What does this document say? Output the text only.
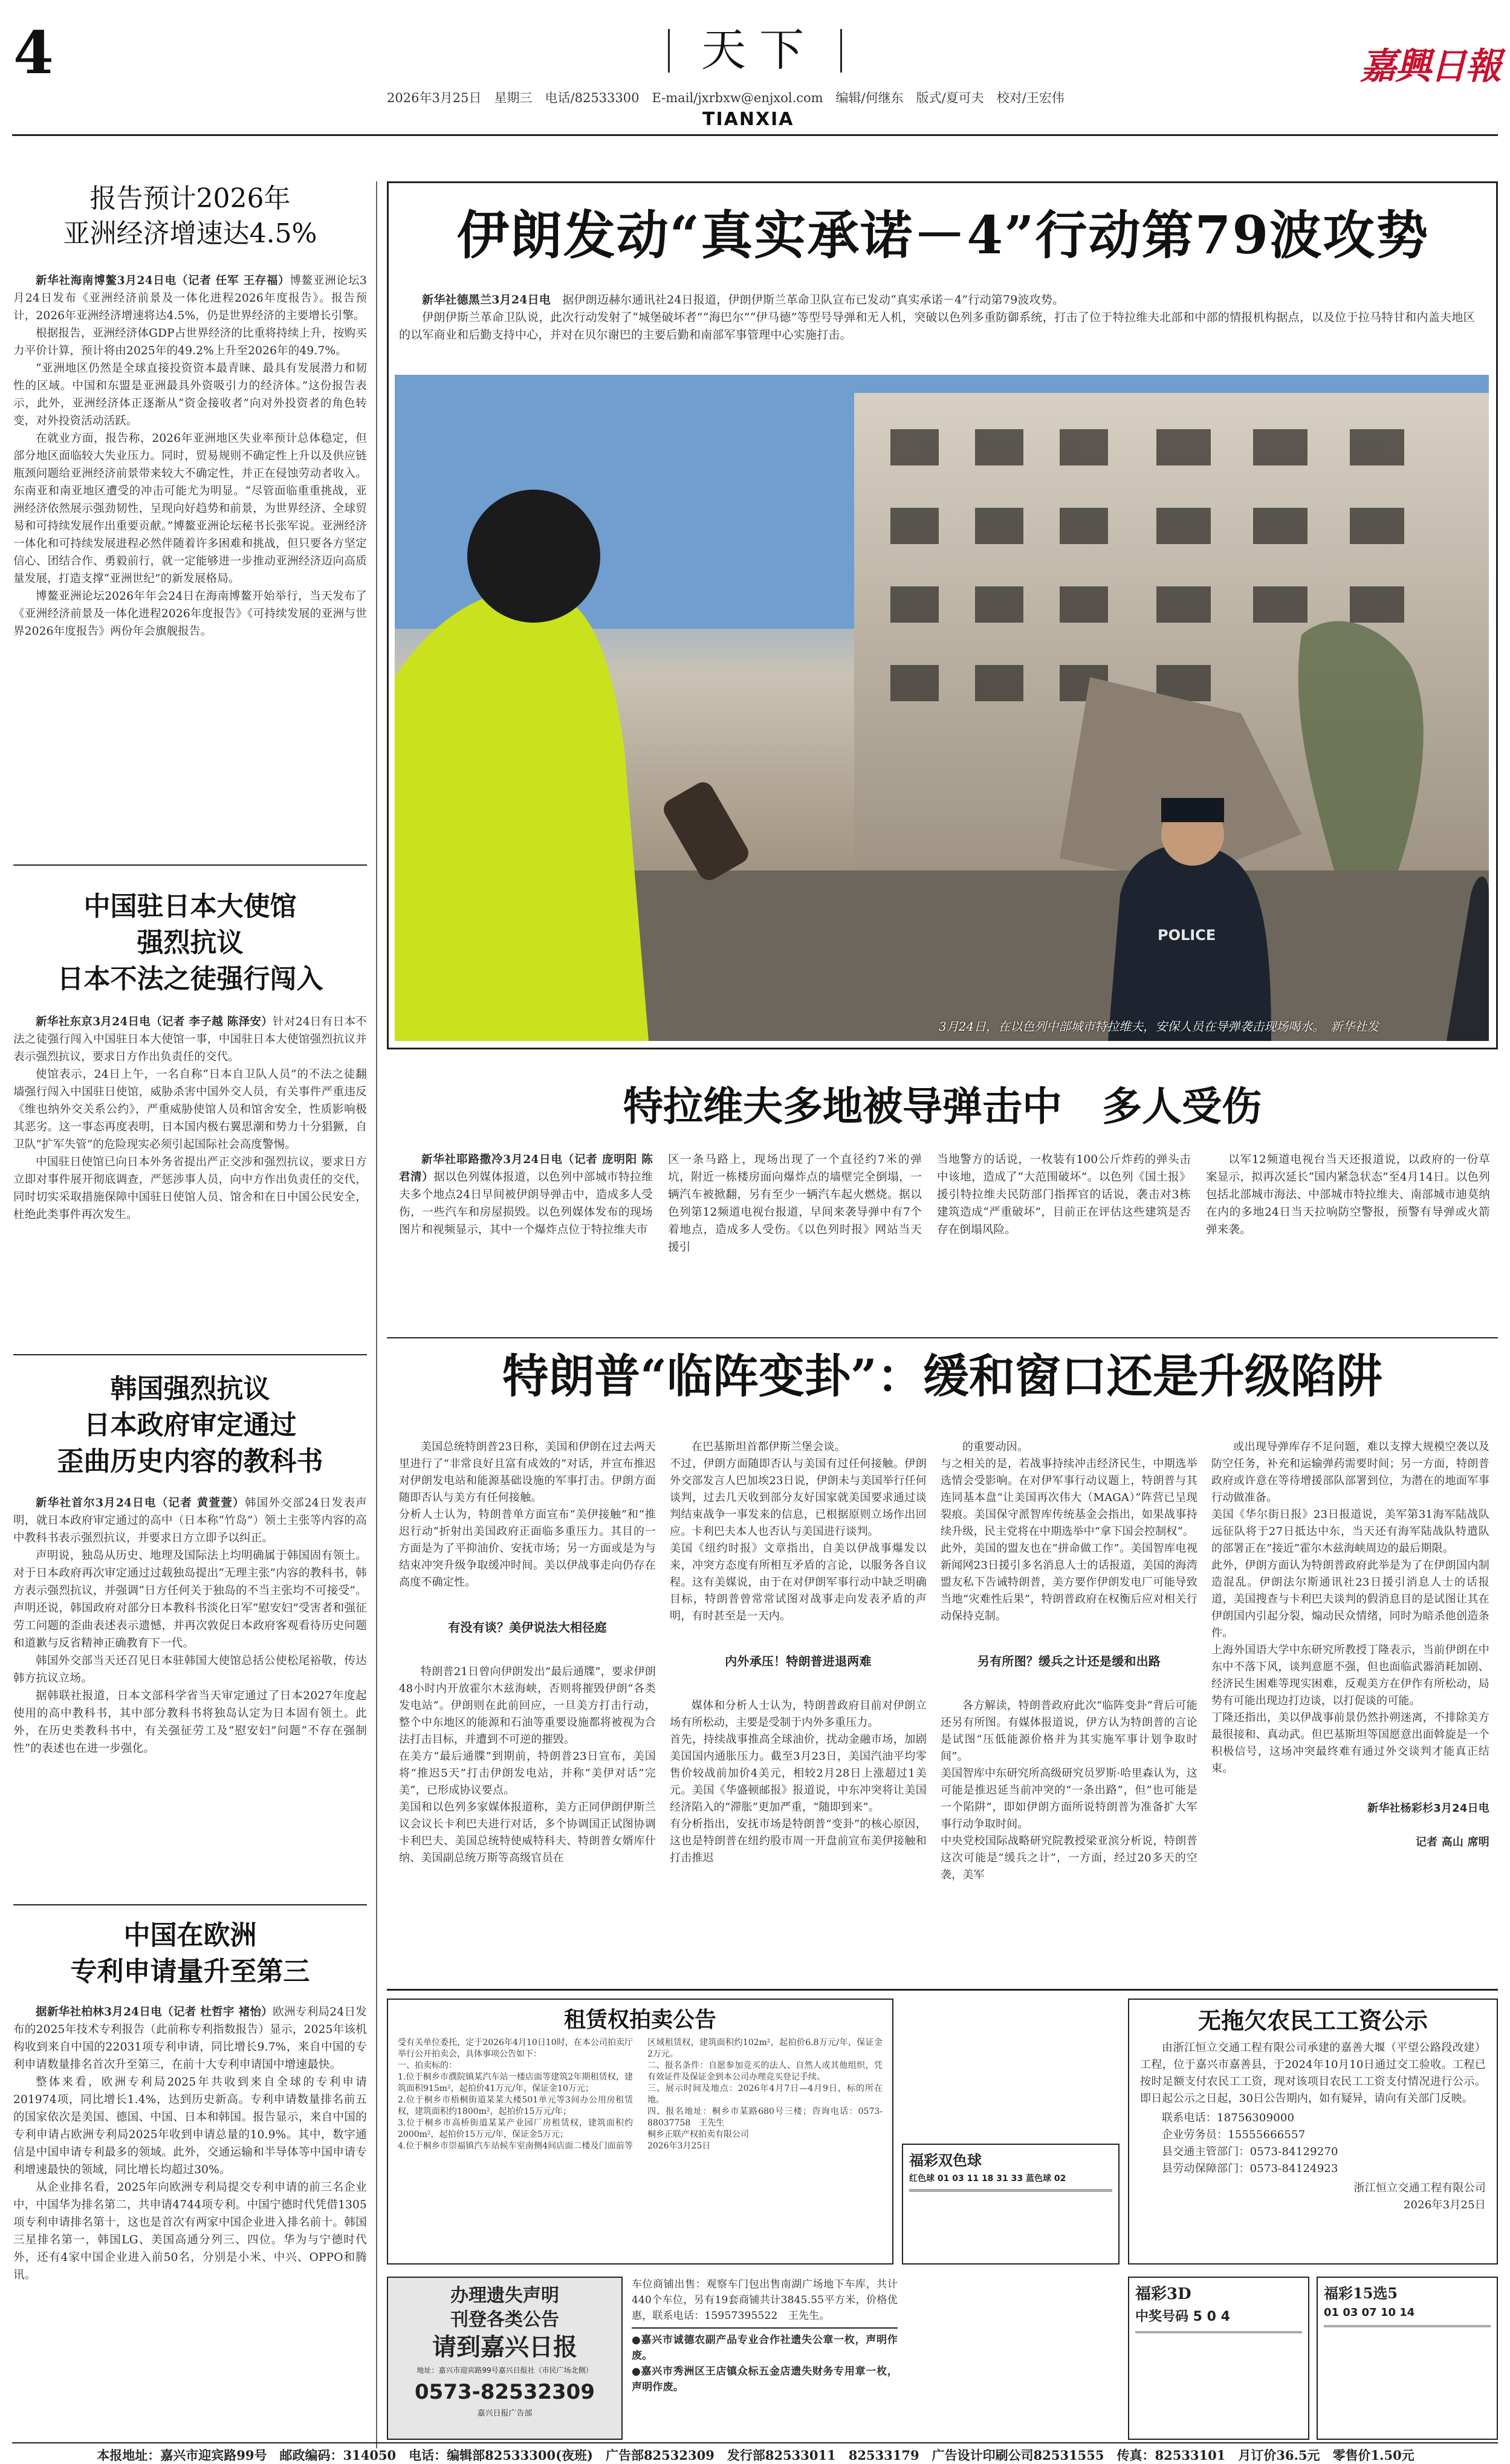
4	天下
2026年3月25日　星期三　电话/82533300　E-mail/jxrbxw@enjxol.com　编辑/何继东　版式/夏可夫　校对/王宏伟
TIANXIA
嘉興日報
报告预计2026年
亚洲经济增速达4.5%

新华社海南博鳌3月24日电（记者 任军 王存福）博鳌亚洲论坛3月24日发布《亚洲经济前景及一体化进程2026年度报告》。报告预计，2026年亚洲经济增速将达4.5%，仍是世界经济的主要增长引擎。

根据报告，亚洲经济体GDP占世界经济的比重将持续上升，按购买力平价计算，预计将由2025年的49.2%上升至2026年的49.7%。

“亚洲地区仍然是全球直接投资资本最青睐、最具有发展潜力和韧性的区域。中国和东盟是亚洲最具外资吸引力的经济体。”这份报告表示，此外，亚洲经济体正逐渐从“资金接收者”向对外投资者的角色转变，对外投资活动活跃。

在就业方面，报告称，2026年亚洲地区失业率预计总体稳定，但部分地区面临较大失业压力。同时，贸易规则不确定性上升以及供应链瓶颈问题给亚洲经济前景带来较大不确定性，并正在侵蚀劳动者收入。东南亚和南亚地区遭受的冲击可能尤为明显。“尽管面临重重挑战，亚洲经济依然展示强劲韧性，呈现向好趋势和前景，为世界经济、全球贸易和可持续发展作出重要贡献。”博鳌亚洲论坛秘书长张军说。亚洲经济一体化和可持续发展进程必然伴随着许多困难和挑战，但只要各方坚定信心、团结合作、勇毅前行，就一定能够进一步推动亚洲经济迈向高质量发展，打造支撑“亚洲世纪”的新发展格局。

博鳌亚洲论坛2026年年会24日在海南博鳌开始举行，当天发布了《亚洲经济前景及一体化进程2026年度报告》《可持续发展的亚洲与世界2026年度报告》两份年会旗舰报告。

中国驻日本大使馆
强烈抗议
日本不法之徒强行闯入

新华社东京3月24日电（记者 李子越 陈泽安）针对24日有日本不法之徒强行闯入中国驻日本大使馆一事，中国驻日本大使馆强烈抗议并表示强烈抗议，要求日方作出负责任的交代。

使馆表示，24日上午，一名自称“日本自卫队人员”的不法之徒翻墙强行闯入中国驻日使馆，威胁杀害中国外交人员，有关事件严重违反《维也纳外交关系公约》，严重威胁使馆人员和馆舍安全，性质影响极其恶劣。这一事态再度表明，日本国内极右翼思潮和势力十分猖獗，自卫队“扩军失管”的危险现实必须引起国际社会高度警惕。

中国驻日使馆已向日本外务省提出严正交涉和强烈抗议，要求日方立即对事件展开彻底调查，严惩涉事人员，向中方作出负责任的交代，同时切实采取措施保障中国驻日使馆人员、馆舍和在日中国公民安全，杜绝此类事件再次发生。

韩国强烈抗议
日本政府审定通过
歪曲历史内容的教科书

新华社首尔3月24日电（记者 黄萱萱）韩国外交部24日发表声明，就日本政府审定通过的高中（日本称“竹岛”）领土主张等内容的高中教科书表示强烈抗议，并要求日方立即予以纠正。

声明说，独岛从历史、地理及国际法上均明确属于韩国固有领土。对于日本政府再次审定通过过载独岛提出“无理主张”内容的教科书，韩方表示强烈抗议，并强调“日方任何关于独岛的不当主张均不可接受”。声明还说，韩国政府对部分日本教科书淡化日军“慰安妇”受害者和强征劳工问题的歪曲表述表示遗憾，并再次敦促日本政府客观看待历史问题和道歉与反省精神正确教育下一代。

韩国外交部当天还召见日本驻韩国大使馆总括公使松尾裕敬，传达韩方抗议立场。

据韩联社报道，日本文部科学省当天审定通过了日本2027年度起使用的高中教科书，其中部分教科书将独岛认定为日本固有领土。此外，在历史类教科书中，有关强征劳工及“慰安妇”问题“不存在强制性”的表述也在进一步强化。

中国在欧洲
专利申请量升至第三

据新华社柏林3月24日电（记者 杜哲宇 褚怡）欧洲专利局24日发布的2025年技术专利报告（此前称专利指数报告）显示，2025年该机构收到来自中国的22031项专利申请，同比增长9.7%，来自中国的专利申请数量排名首次升至第三，在前十大专利申请国中增速最快。

整体来看，欧洲专利局2025年共收到来自全球的专利申请201974项，同比增长1.4%，达到历史新高。专利申请数量排名前五的国家依次是美国、德国、中国、日本和韩国。报告显示，来自中国的专利申请占欧洲专利局2025年收到申请总量的10.9%。其中，数字通信是中国申请专利最多的领域。此外，交通运输和半导体等中国申请专利增速最快的领域，同比增长均超过30%。

从企业排名看，2025年向欧洲专利局提交专利申请的前三名企业中，中国华为排名第二，共申请4744项专利。中国宁德时代凭借1305项专利申请排名第十，这也是首次有两家中国企业进入排名前十。韩国三星排名第一，韩国LG、美国高通分列三、四位。华为与宁德时代外，还有4家中国企业进入前50名，分别是小米、中兴、OPPO和腾讯。

伊朗发动“真实承诺－4”行动第79波攻势

新华社德黑兰3月24日电　 据伊朗迈赫尔通讯社24日报道，伊朗伊斯兰革命卫队宣布已发动“真实承诺－4”行动第79波攻势。

伊朗伊斯兰革命卫队说，此次行动发射了“城堡破坏者”“海巴尔”“伊马德”等型号导弹和无人机，突破以色列多重防御系统，打击了位于特拉维夫北部和中部的情报机构据点，以及位于拉马特甘和内盖夫地区的以军商业和后勤支持中心，并对在贝尔谢巴的主要后勤和南部军事管理中心实施打击。

POLICE
3月24日，在以色列中部城市特拉维夫，安保人员在导弹袭击现场喝水。　新华社发
特拉维夫多地被导弹击中　多人受伤

新华社耶路撒冷3月24日电（记者 庞明阳 陈君清）据以色列媒体报道，以色列中部城市特拉维夫多个地点24日早间被伊朗导弹击中，造成多人受伤，一些汽车和房屋损毁。以色列媒体发布的现场图片和视频显示，其中一个爆炸点位于特拉维夫市

区一条马路上，现场出现了一个直径约7米的弹坑，附近一栋楼房面向爆炸点的墙壁完全倒塌，一辆汽车被掀翻，另有至少一辆汽车起火燃烧。据以色列第12频道电视台报道，早间来袭导弹中有7个着地点，造成多人受伤。《以色列时报》网站当天援引

当地警方的话说，一枚装有100公斤炸药的弹头击中该地，造成了“大范围破坏”。以色列《国土报》援引特拉维夫民防部门指挥官的话说，袭击对3栋建筑造成“严重破坏”，目前正在评估这些建筑是否存在倒塌风险。

以军12频道电视台当天还报道说，以政府的一份草案显示，拟再次延长“国内紧急状态”至4月14日。以色列包括北部城市海法、中部城市特拉维夫、南部城市迪莫纳在内的多地24日当天拉响防空警报，预警有导弹或火箭弹来袭。

特朗普“临阵变卦”：缓和窗口还是升级陷阱

美国总统特朗普23日称，美国和伊朗在过去两天里进行了“非常良好且富有成效的”对话，并宣布推迟对伊朗发电站和能源基础设施的军事打击。伊朗方面随即否认与美方有任何接触。
分析人士认为，特朗普单方面宣布“美伊接触”和“推迟行动”折射出美国政府正面临多重压力。其目的一方面是为了平抑油价、安抚市场；另一方面或是为与结束冲突升级争取缓冲时间。美以伊战事走向仍存在高度不确定性。

有没有谈？美伊说法大相径庭

特朗普21日曾向伊朗发出“最后通牒”，要求伊朗48小时内开放霍尔木兹海峡，否则将摧毁伊朗“各类发电站”。伊朗则在此前回应，一旦美方打击行动，整个中东地区的能源和石油等重要设施都将被视为合法打击目标，并遭到不可逆的摧毁。
在美方“最后通牒”到期前，特朗普23日宣布，美国将“推迟5天”打击伊朗发电站，并称“美伊对话”完美”，已形成协议要点。
美国和以色列多家媒体报道称，美方正同伊朗伊斯兰议会议长卡利巴夫进行对话，多个协调国正试图协调卡利巴夫、美国总统特使威特科夫、特朗普女婿库什纳、美国副总统万斯等高级官员在

在巴基斯坦首都伊斯兰堡会谈。
不过，伊朗方面随即否认与美国有过任何接触。伊朗外交部发言人巴加埃23日说，伊朗未与美国举行任何谈判，过去几天收到部分友好国家就美国要求通过谈判结束战争一事发来的信息，已根据原则立场作出回应。卡利巴夫本人也否认与美国进行谈判。
美国《纽约时报》文章指出，自美以伊战事爆发以来，冲突方态度有所相互矛盾的言论，以服务各自议程。这有美媒说，由于在对伊朗军事行动中缺乏明确目标，特朗普曾常常试图对战事走向发表矛盾的声明，有时甚至是一天内。

内外承压！特朗普进退两难

媒体和分析人士认为，特朗普政府目前对伊朗立场有所松动，主要是受制于内外多重压力。
首先，持续战事推高全球油价，扰动金融市场，加剧美国国内通胀压力。截至3月23日，美国汽油平均零售价较战前加价4美元，相较2月28日上涨超过1美元。美国《华盛顿邮报》报道说，中东冲突将让美国经济陷入的“滞胀”更加严重，“随即到来”。
有分析指出，安抚市场是特朗普“变卦”的核心原因，这也是特朗普在纽约股市周一开盘前宣布美伊接触和打击推迟

的重要动因。
与之相关的是，若战事持续冲击经济民生，中期选举选情会受影响。在对伊军事行动议题上，特朗普与其连同基本盘“让美国再次伟大（MAGA）”阵营已呈现裂痕。美国保守派智库传统基金会指出，如果战事持续升级，民主党将在中期选举中“拿下国会控制权”。
此外，美国的盟友也在“拼命做工作”。美国智库电视新闻网23日援引多名消息人士的话报道，美国的海湾盟友私下告诫特朗普，美方要作伊朗发电厂可能导致当地“灾难性后果”，特朗普政府在权衡后应对相关行动保持克制。

另有所图？缓兵之计还是缓和出路

各方解读，特朗普政府此次“临阵变卦”背后可能还另有所图。有媒体报道说，伊方认为特朗普的言论是试图“压低能源价格并为其实施军事计划争取时间”。
美国智库中东研究所高级研究员罗斯·哈里森认为，这可能是推迟延当前冲突的“一条出路”，但“也可能是一个陷阱”，即如伊朗方面所说特朗普为准备扩大军事行动争取时间。
中央党校国际战略研究院教授梁亚滨分析说，特朗普这次可能是“缓兵之计”，一方面，经过20多天的空袭，美军

或出现导弹库存不足问题，难以支撑大规模空袭以及防空任务，补充和运输弹药需要时间；另一方面，特朗普政府或许意在等待增援部队部署到位，为潜在的地面军事行动做准备。
美国《华尔街日报》23日报道说，美军第31海军陆战队远征队将于27日抵达中东，当天还有海军陆战队特遣队的部署正在“接近”霍尔木兹海峡周边的最后期限。
此外，伊朗方面认为特朗普政府此举是为了在伊朗国内制造混乱。伊朗法尔斯通讯社23日援引消息人士的话报道，美国搜查与卡利巴夫谈判的假消息目的是试图让其在伊朗国内引起分裂，煽动民众情绪，同时为暗杀他创造条件。
上海外国语大学中东研究所教授丁隆表示，当前伊朗在中东中不落下风，谈判意愿不强，但也面临武器消耗加剧、经济民生困难等现实困难，反观美方在伊作有所松动，局势有可能出现边打边谈，以打促谈的可能。
丁隆还指出，美以伊战事前景仍然扑朔迷离，不排除美方最很接和、真动武。但巴基斯坦等国愿意出面斡旋是一个积极信号，这场冲突最终难有通过外交谈判才能真正结束。

新华社杨彩杉3月24日电

记者 高山 席明

租赁权拍卖公告
受有关单位委托，定于2026年4月10日10时，在本公司拍卖厅举行公开拍卖会，具体事项公告如下：
一、拍卖标的：
1.位于桐乡市濮院镇某汽车站一楼店面等建筑2年期租赁权，建筑面积915m²，起拍价41万元/年，保证金10万元；
2.位于桐乡市梧桐街道某某大楼501单元等3间办公用房租赁权，建筑面积约1800m²，起拍价15万元/年；
3.位于桐乡市高桥街道某某产业园厂房租赁权，建筑面积约2000m²，起拍价15万元/年，保证金5万元；
4.位于桐乡市崇福镇汽车站候车室南侧4间店面二楼及门面前等区域租赁权，建筑面积约102m²，起拍价6.8万元/年，保证金2万元。
二、报名条件：自愿参加竞买的法人、自然人或其他组织，凭有效证件及保证金到本公司办理竞买登记手续。
三、展示时间及地点：2026年4月7日—4月9日，标的所在地。
四、报名地址：桐乡市某路680号三楼；咨询电话：0573-88037758　王先生
桐乡正联产权拍卖有限公司
2026年3月25日
无拖欠农民工工资公示
由浙江恒立交通工程有限公司承建的嘉善大堰（平望公路段改建）工程，位于嘉兴市嘉善县，于2024年10月10日通过交工验收。工程已按时足额支付农民工工资，现对该项目农民工工资支付情况进行公示。即日起公示之日起，30日公告期内，如有疑异，请向有关部门反映。
联系电话：18756309000
企业劳务员：15555666557
县交通主管部门：0573-84129270
县劳动保障部门：0573-84124923
浙江恒立交通工程有限公司
2026年3月25日
福彩双色球
红色球 01 03 11 18 31 33 蓝色球 02
办理遗失声明
刊登各类公告
请到嘉兴日报
地址：嘉兴市迎宾路99号嘉兴日报社（市民广场北侧）
0573-82532309
嘉兴日报广告部
车位商铺出售：观察车门包出售南湖广场地下车库，共计440个车位，另有19套商铺共计3845.55平方米，价格优惠，联系电话：15957395522　王先生。
●嘉兴市诚德农副产品专业合作社遗失公章一枚，声明作废。
●嘉兴市秀洲区王店镇众标五金店遗失财务专用章一枚，声明作废。
福彩3D
中奖号码 5 0 4
福彩15选5
01 03 07 10 14
本报地址：嘉兴市迎宾路99号　邮政编码：314050　电话：编辑部82533300(夜班)　广告部82532309　发行部82533011　82533179　广告设计印刷公司82531555　传真：82533101　月订价36.5元　零售价1.50元
